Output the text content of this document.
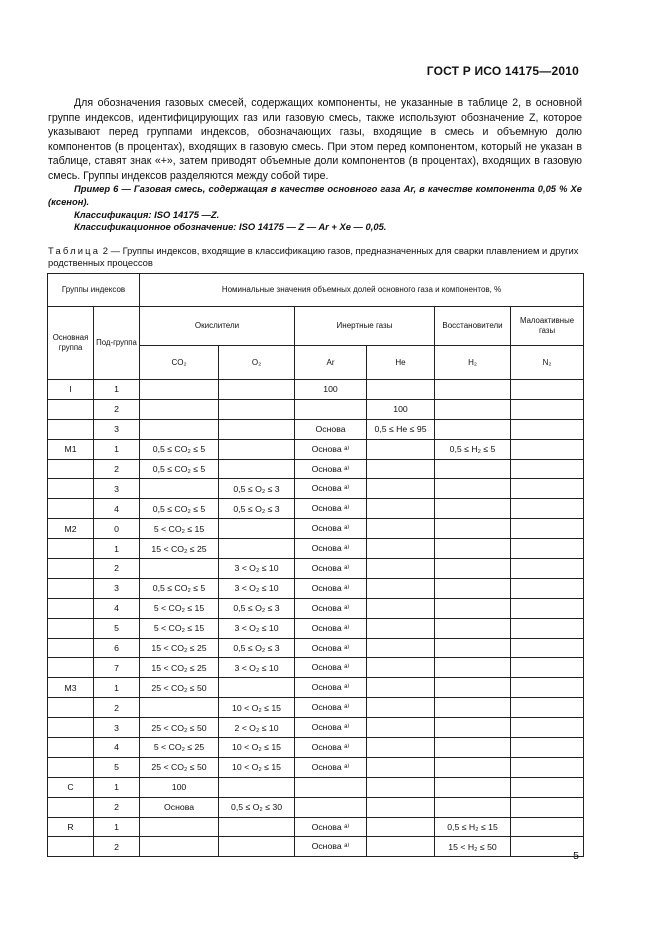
ГОСТ Р ИСО 14175—2010

Для обозначения газовых смесей, содержащих компоненты, не указанные в таблице 2, в основной группе индексов, идентифицирующих газ или газовую смесь, также используют обозначение Z, которое указывают перед группами индексов, обозначающих газы, входящие в смесь и объемную долю компонентов (в процентах), входящих в газовую смесь. При этом перед компонентом, который не указан в таблице, ставят знак «+», затем приводят объемные доли компонентов (в процентах), входящих в газовую смесь. Группы индексов разделяются между собой тире.

Пример 6 — Газовая смесь, содержащая в качестве основного газа Ar, в качестве компонента 0,05 % Xe (ксенон).

Классификация: ISO 14175 —Z.

Классификационное обозначение: ISO 14175 — Z — Ar + Xe — 0,05.

Таблица 2 — Группы индексов, входящие в классификацию газов, предназначенных для сварки плавлением и других родственных процессов
Группы индексов		Номинальные значения объемных долей основного газа и компонентов, %					
Основная группа	Под-группа	Окислители		Инертные газы		Восстановители	Малоактивные газы
		CO₂	O₂	Ar	He	H₂	N₂
I	1			100			
	2				100		
	3			Основа	0,5 ≤ He ≤ 95		
M1	1	0,5 ≤ CO₂ ≤ 5		Основа ᵃ⁾		0,5 ≤ H₂ ≤ 5	
	2	0,5 ≤ CO₂ ≤ 5		Основа ᵃ⁾			
	3		0,5 ≤ O₂ ≤ 3	Основа ᵃ⁾			
	4	0,5 ≤ CO₂ ≤ 5	0,5 ≤ O₂ ≤ 3	Основа ᵃ⁾			
M2	0	5 < CO₂ ≤ 15		Основа ᵃ⁾			
	1	15 < CO₂ ≤ 25		Основа ᵃ⁾			
	2		3 < O₂ ≤ 10	Основа ᵃ⁾			
	3	0,5 ≤ CO₂ ≤ 5	3 < O₂ ≤ 10	Основа ᵃ⁾			
	4	5 < CO₂ ≤ 15	0,5 ≤ O₂ ≤ 3	Основа ᵃ⁾			
	5	5 < CO₂ ≤ 15	3 < O₂ ≤ 10	Основа ᵃ⁾			
	6	15 < CO₂ ≤ 25	0,5 ≤ O₂ ≤ 3	Основа ᵃ⁾			
	7	15 < CO₂ ≤ 25	3 < O₂ ≤ 10	Основа ᵃ⁾			
M3	1	25 < CO₂ ≤ 50		Основа ᵃ⁾			
	2		10 < O₂ ≤ 15	Основа ᵃ⁾			
	3	25 < CO₂ ≤ 50	2 < O₂ ≤ 10	Основа ᵃ⁾			
	4	5 < CO₂ ≤ 25	10 < O₂ ≤ 15	Основа ᵃ⁾			
	5	25 < CO₂ ≤ 50	10 < O₂ ≤ 15	Основа ᵃ⁾			
C	1	100					
	2	Основа	0,5 ≤ O₂ ≤ 30				
R	1			Основа ᵃ⁾		0,5 ≤ H₂ ≤ 15	
	2			Основа ᵃ⁾		15 < H₂ ≤ 50	
5
